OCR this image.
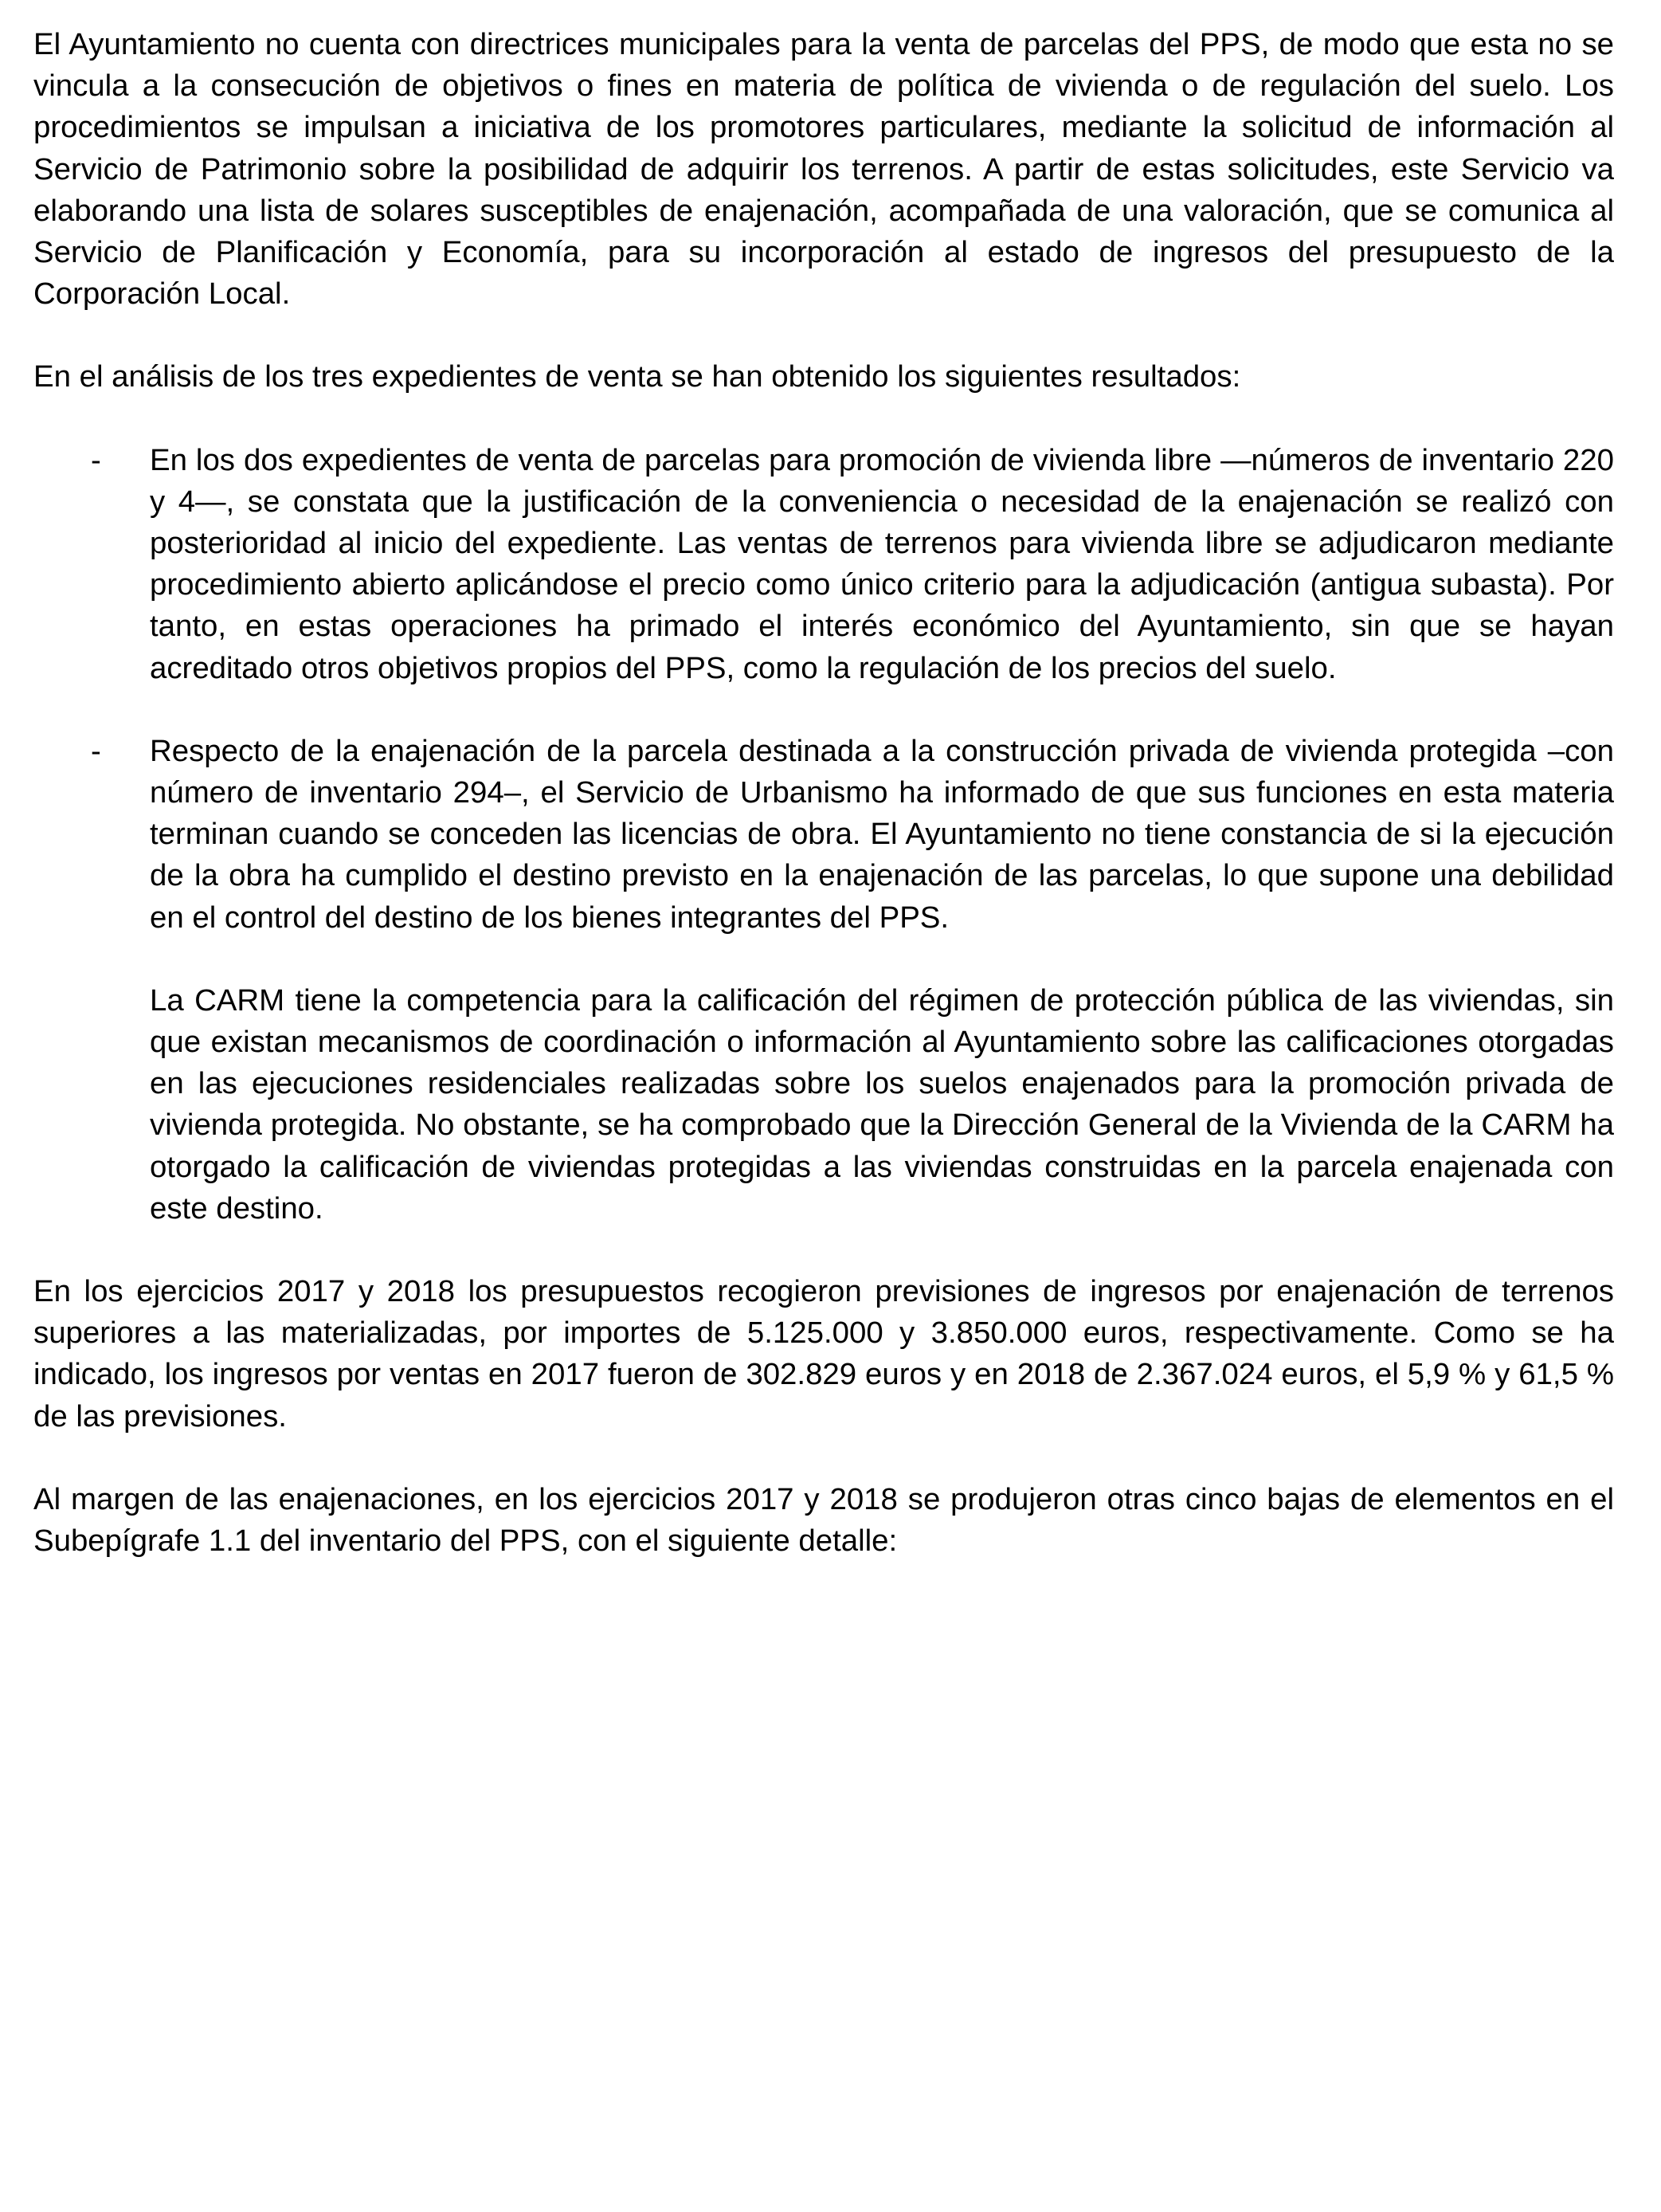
El Ayuntamiento no cuenta con directrices municipales para la venta de parcelas del PPS, de modo que esta no se vincula a la consecución de objetivos o fines en materia de política de vivienda o de regulación del suelo. Los procedimientos se impulsan a iniciativa de los promotores particulares, mediante la solicitud de información al Servicio de Patrimonio sobre la posibilidad de adquirir los terrenos. A partir de estas solicitudes, este Servicio va elaborando una lista de solares susceptibles de enajenación, acompañada de una valoración, que se comunica al Servicio de Planificación y Economía, para su incorporación al estado de ingresos del presupuesto de la Corporación Local.

En el análisis de los tres expedientes de venta se han obtenido los siguientes resultados:

-	En los dos expedientes de venta de parcelas para promoción de vivienda libre —números de inventario 220 y 4—, se constata que la justificación de la conveniencia o necesidad de la enajenación se realizó con posterioridad al inicio del expediente. Las ventas de terrenos para vivienda libre se adjudicaron mediante procedimiento abierto aplicándose el precio como único criterio para la adjudicación (antigua subasta). Por tanto, en estas operaciones ha primado el interés económico del Ayuntamiento, sin que se hayan acreditado otros objetivos propios del PPS, como la regulación de los precios del suelo.
-	Respecto de la enajenación de la parcela destinada a la construcción privada de vivienda protegida –con número de inventario 294–, el Servicio de Urbanismo ha informado de que sus funciones en esta materia terminan cuando se conceden las licencias de obra. El Ayuntamiento no tiene constancia de si la ejecución de la obra ha cumplido el destino previsto en la enajenación de las parcelas, lo que supone una debilidad en el control del destino de los bienes integrantes del PPS.

La CARM tiene la competencia para la calificación del régimen de protección pública de las viviendas, sin que existan mecanismos de coordinación o información al Ayuntamiento sobre las calificaciones otorgadas en las ejecuciones residenciales realizadas sobre los suelos enajenados para la promoción privada de vivienda protegida. No obstante, se ha comprobado que la Dirección General de la Vivienda de la CARM ha otorgado la calificación de viviendas protegidas a las viviendas construidas en la parcela enajenada con este destino.

En los ejercicios 2017 y 2018 los presupuestos recogieron previsiones de ingresos por enajenación de terrenos superiores a las materializadas, por importes de 5.125.000 y 3.850.000 euros, respectivamente. Como se ha indicado, los ingresos por ventas en 2017 fueron de 302.829 euros y en 2018 de 2.367.024 euros, el 5,9 % y 61,5 % de las previsiones.

Al margen de las enajenaciones, en los ejercicios 2017 y 2018 se produjeron otras cinco bajas de elementos en el Subepígrafe 1.1 del inventario del PPS, con el siguiente detalle:
